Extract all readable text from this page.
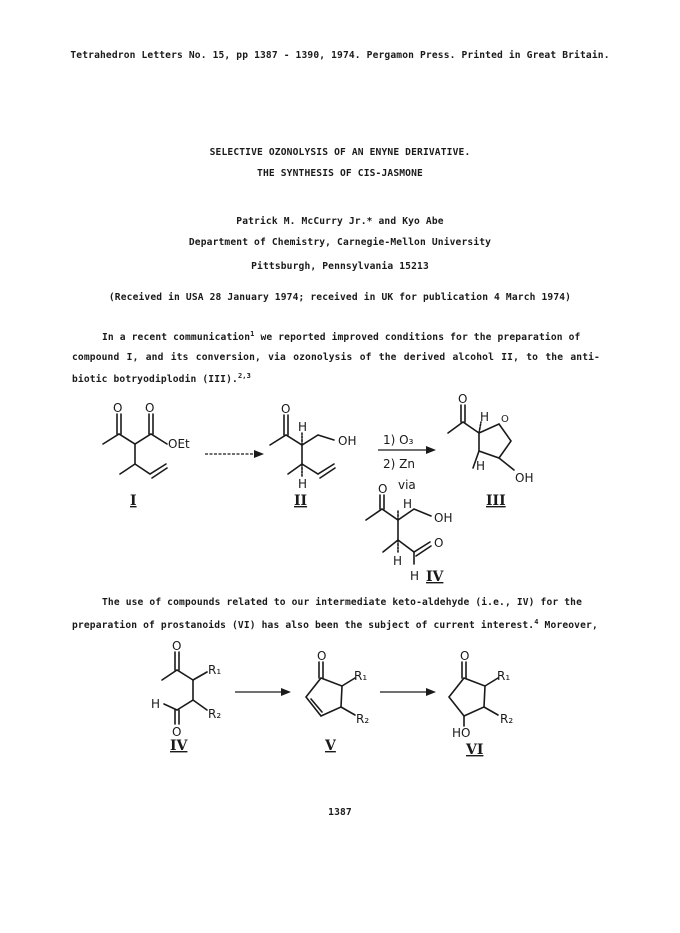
Tetrahedron Letters No. 15, pp 1387 - 1390, 1974. Pergamon Press. Printed in Great Britain.
SELECTIVE OZONOLYSIS OF AN ENYNE DERIVATIVE.
THE SYNTHESIS OF CIS-JASMONE
Patrick M. McCurry Jr.* and Kyo Abe
Department of Chemistry, Carnegie-Mellon University
Pittsburgh, Pennsylvania 15213
(Received in USA 28 January 1974; received in UK for publication 4 March 1974)
In a recent communication$^1$ we reported improved conditions for the preparation of
compound I, and its conversion, via ozonolysis of the derived alcohol II, to the anti-
biotic botryodiplodin (III).$^{2,3}$
O O
OEt
I
O
H
H
OH
II
1) O₃
2) Zn
via
O
H O
H
OH
III
O
H
OH
O
H
H IV
O
R₁
R₂
H
O
IV
O
R₁
R₂
V
O
R₁
R₂
HO
VI
The use of compounds related to our intermediate keto-aldehyde (i.e., IV) for the
preparation of prostanoids (VI) has also been the subject of current interest.$^4$ Moreover,
1387
